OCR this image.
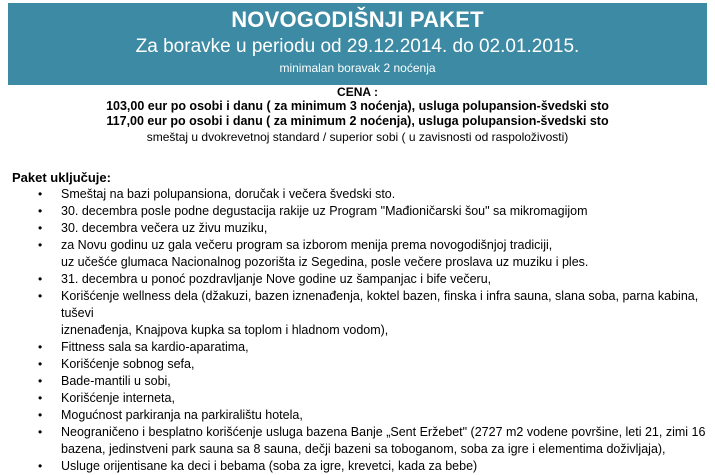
NOVOGODIŠNJI PAKET
Za boravke u periodu od 29.12.2014. do 02.01.2015.
minimalan boravak 2 noćenja
CENA :
103,00 eur po osobi i danu ( za minimum 3 noćenja), usluga polupansion-švedski sto
117,00 eur po osobi i danu ( za minimum 2 noćenja), usluga polupansion-švedski sto
smeštaj u dvokrevetnoj standard / superior sobi ( u zavisnosti od raspoloživosti)
Paket uključuje:
• Smeštaj na bazi polupansiona, doručak i večera švedski sto.
• 30. decembra posle podne degustacija rakije uz Program "Mađioničarski šou" sa mikromagijom
• 30. decembra večera uz živu muziku,
• za Novu godinu uz gala večeru program sa izborom menija prema novogodišnjoj tradiciji,
uz učešće glumaca Nacionalnog pozorišta iz Segedina, posle večere proslava uz muziku i ples.
• 31. decembra u ponoć pozdravljanje Nove godine uz šampanjac i bife večeru,
• Korišćenje wellness dela (džakuzi, bazen iznenađenja, koktel bazen, finska i infra sauna, slana soba, parna kabina, tuševi
iznenađenja, Knajpova kupka sa toplom i hladnom vodom),
• Fittness sala sa kardio-aparatima,
• Korišćenje sobnog sefa,
• Bade-mantili u sobi,
• Korišćenje interneta,
• Mogućnost parkiranja na parkiralištu hotela,
• Neograničeno i besplatno korišćenje usluga bazena Banje „Sent Eržebet" (2727 m2 vodene površine, leti 21, zimi 16
bazena, jedinstveni park sauna sa 8 sauna, dečji bazeni sa toboganom, soba za igre i elementima doživljaja),
• Usluge orijentisane ka deci i bebama (soba za igre, krevetci, kada za bebe)
